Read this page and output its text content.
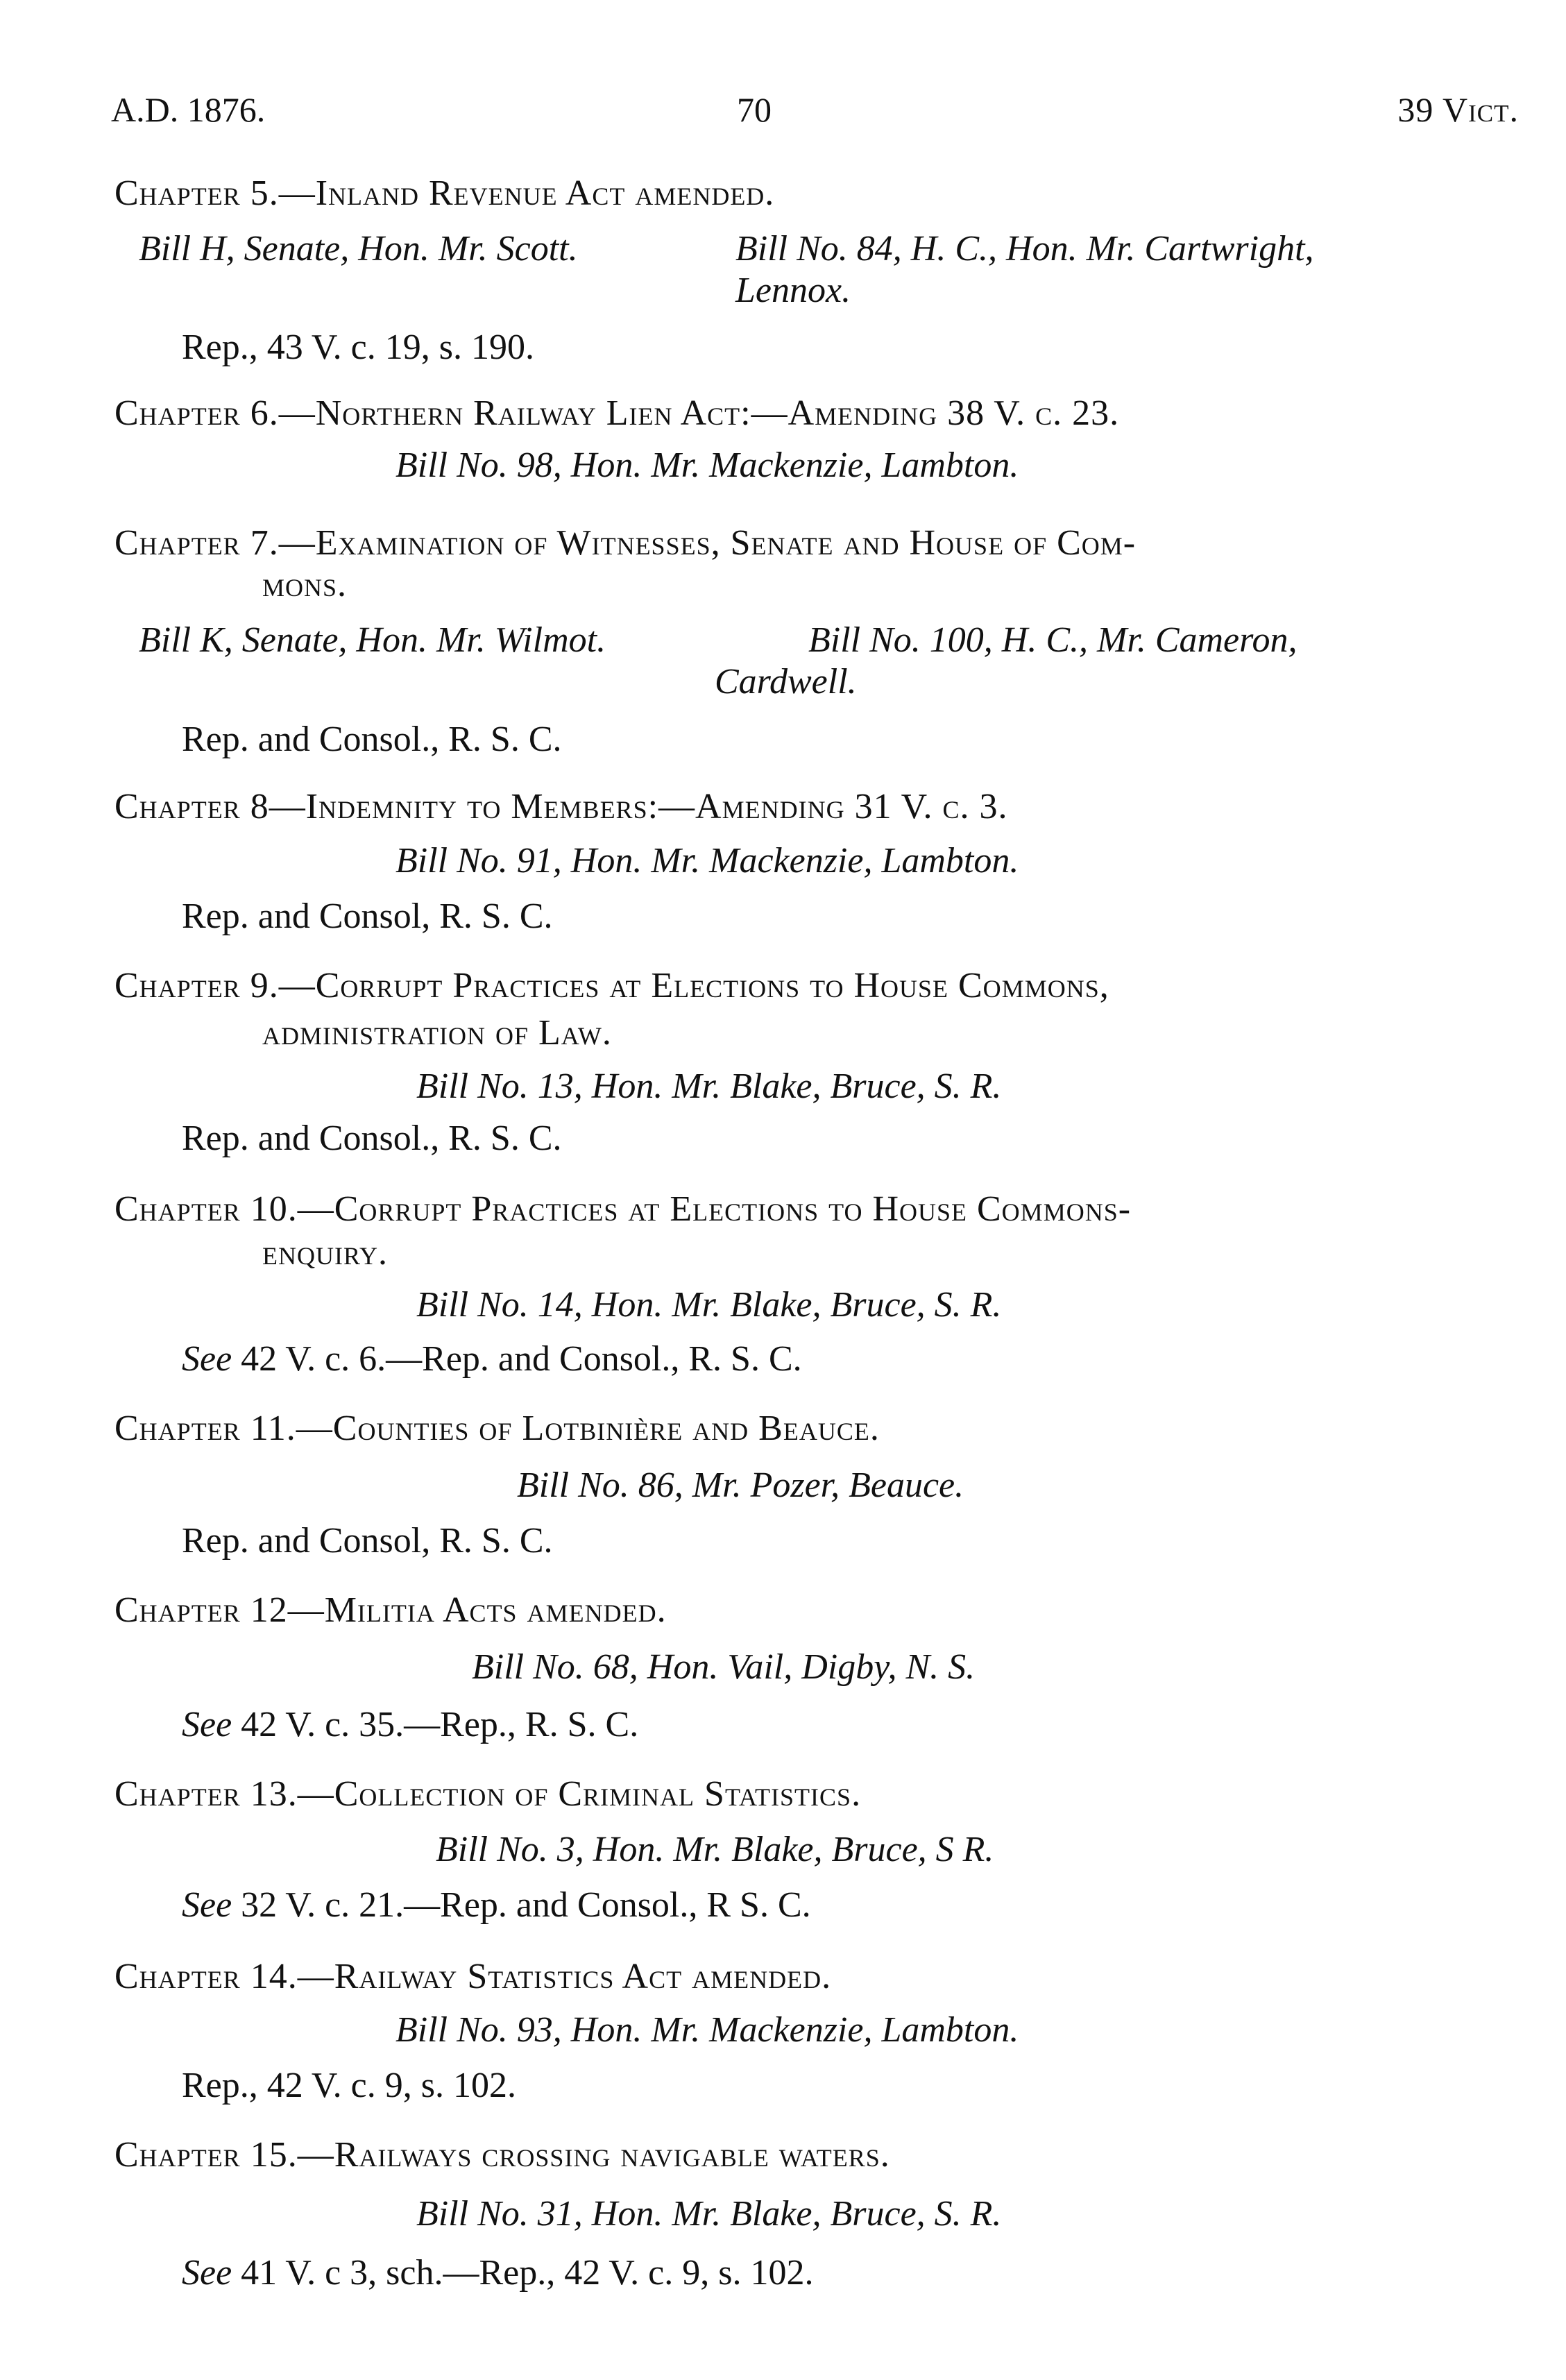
A.D. 1876.	70	39 Vict.
Chapter 5.—Inland Revenue Act amended.
Bill H, Senate, Hon. Mr. Scott.	Bill No. 84, H. C., Hon. Mr. Cartwright,
Lennox.
Rep., 43 V. c. 19, s. 190.
Chapter 6.—Northern Railway Lien Act:—Amending 38 V. c. 23.
Bill No. 98, Hon. Mr. Mackenzie, Lambton.
Chapter 7.—Examination of Witnesses, Senate and House of Com-
mons.
Bill K, Senate, Hon. Mr. Wilmot.	Bill No. 100, H. C., Mr. Cameron,
Cardwell.
Rep. and Consol., R. S. C.
Chapter 8—Indemnity to Members:—Amending 31 V. c. 3.
Bill No. 91, Hon. Mr. Mackenzie, Lambton.
Rep. and Consol, R. S. C.
Chapter 9.—Corrupt Practices at Elections to House Commons,
administration of Law.
Bill No. 13, Hon. Mr. Blake, Bruce, S. R.
Rep. and Consol., R. S. C.
Chapter 10.—Corrupt Practices at Elections to House Commons-
enquiry.
Bill No. 14, Hon. Mr. Blake, Bruce, S. R.
See 42 V. c. 6.—Rep. and Consol., R. S. C.
Chapter 11.—Counties of Lotbinière and Beauce.
Bill No. 86, Mr. Pozer, Beauce.
Rep. and Consol, R. S. C.
Chapter 12—Militia Acts amended.
Bill No. 68, Hon. Vail, Digby, N. S.
See 42 V. c. 35.—Rep., R. S. C.
Chapter 13.—Collection of Criminal Statistics.
Bill No. 3, Hon. Mr. Blake, Bruce, S R.
See 32 V. c. 21.—Rep. and Consol., R S. C.
Chapter 14.—Railway Statistics Act amended.
Bill No. 93, Hon. Mr. Mackenzie, Lambton.
Rep., 42 V. c. 9, s. 102.
Chapter 15.—Railways crossing navigable waters.
Bill No. 31, Hon. Mr. Blake, Bruce, S. R.
See 41 V. c 3, sch.—Rep., 42 V. c. 9, s. 102.
